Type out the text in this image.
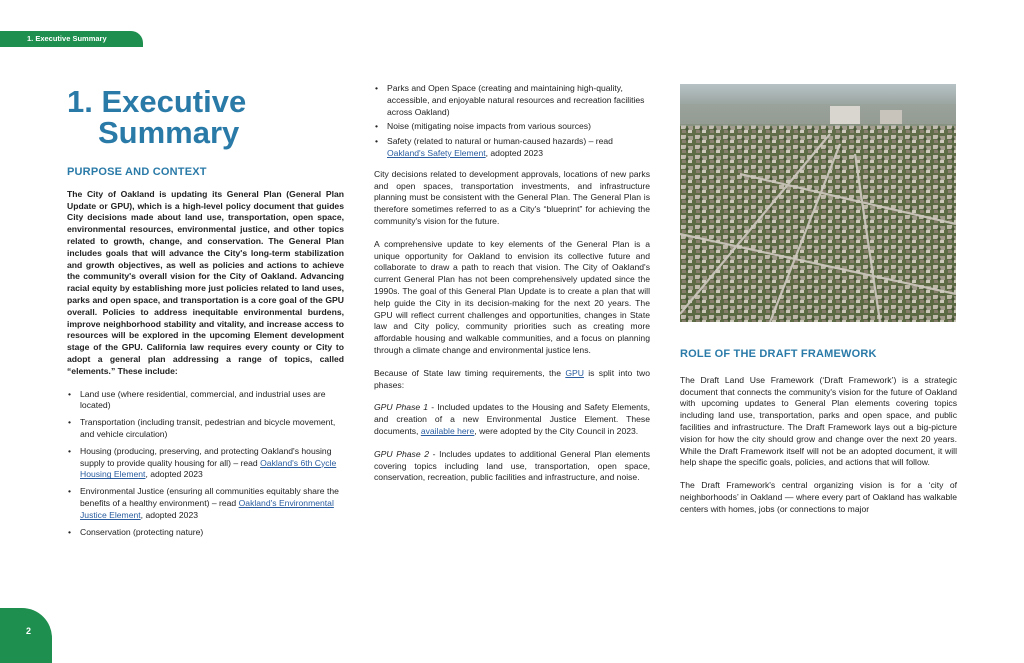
1. Executive Summary
1. Executive
Summary
PURPOSE AND CONTEXT

The City of Oakland is updating its General Plan (General Plan Update or GPU), which is a high-level policy document that guides City decisions made about land use, transportation, open space, environmental resources, environmental justice, and other topics related to growth, change, and conservation. The General Plan includes goals that will advance the City's long-term stabilization and growth objectives, as well as policies and actions to achieve the community's overall vision for the City of Oakland. Advancing racial equity by establishing more just policies related to land uses, parks and open space, and transportation is a core goal of the GPU overall. Policies to address inequitable environmental burdens, improve neighborhood stability and vitality, and increase access to resources will be explored in the upcoming Element development stage of the GPU. California law requires every county or City to adopt a general plan addressing a range of topics, called “elements.” These include:

• Land use (where residential, commercial, and industrial uses are located)
• Transportation (including transit, pedestrian and bicycle movement, and vehicle circulation)
• Housing (producing, preserving, and protecting Oakland's housing supply to provide quality housing for all) – read Oakland's 6th Cycle Housing Element, adopted 2023
• Environmental Justice (ensuring all communities equitably share the benefits of a healthy environment) – read Oakland's Environmental Justice Element, adopted 2023
• Conservation (protecting nature)
• Parks and Open Space (creating and maintaining high-quality, accessible, and enjoyable natural resources and recreation facilities across Oakland)
• Noise (mitigating noise impacts from various sources)
• Safety (related to natural or human-caused hazards) – read Oakland's Safety Element, adopted 2023

City decisions related to development approvals, locations of new parks and open spaces, transportation investments, and infrastructure planning must be consistent with the General Plan. The General Plan is therefore sometimes referred to as a City's “blueprint” for achieving the community's vision for the future.

A comprehensive update to key elements of the General Plan is a unique opportunity for Oakland to envision its collective future and collaborate to draw a path to reach that vision. The City of Oakland's current General Plan has not been comprehensively updated since the 1990s. The goal of this General Plan Update is to create a plan that will help guide the City in its decision-making for the next 20 years. The GPU will reflect current challenges and opportunities, changes in State law and City policy, community priorities such as creating more affordable housing and walkable communities, and a focus on planning through a climate change and environmental justice lens.

Because of State law timing requirements, the GPU is split into two phases:

GPU Phase 1 - Included updates to the Housing and Safety Elements, and creation of a new Environmental Justice Element. These documents, available here, were adopted by the City Council in 2023.

GPU Phase 2 - Includes updates to additional General Plan elements covering topics including land use, transportation, open space, conservation, recreation, public facilities and infrastructure, and noise.

ROLE OF THE DRAFT FRAMEWORK

The Draft Land Use Framework (‘Draft Framework’) is a strategic document that connects the community's vision for the future of Oakland with upcoming updates to General Plan elements covering topics including land use, transportation, parks and open space, and public facilities and infrastructure. The Draft Framework lays out a big-picture vision for how the city should grow and change over the next 20 years. While the Draft Framework itself will not be an adopted document, it will help shape the specific goals, policies, and actions that will follow.

The Draft Framework's central organizing vision is for a ‘city of neighborhoods’ in Oakland — where every part of Oakland has walkable centers with homes, jobs (or connections to major

2
